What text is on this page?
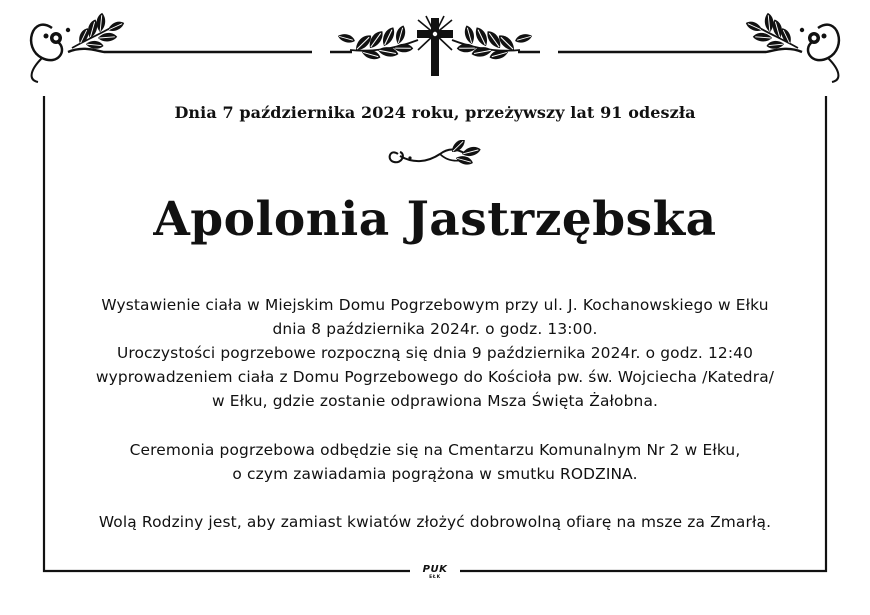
Dnia 7 października 2024 roku, przeżywszy lat 91 odeszła
Apolonia Jastrzębska
Wystawienie ciała w Miejskim Domu Pogrzebowym przy ul. J. Kochanowskiego w Ełku
dnia 8 października 2024r. o godz. 13:00.
Uroczystości pogrzebowe rozpoczną się dnia 9 października 2024r. o godz. 12:40
wyprowadzeniem ciała z Domu Pogrzebowego do Kościoła pw. św. Wojciecha /Katedra/
w Ełku, gdzie zostanie odprawiona Msza Święta Żałobna.
Ceremonia pogrzebowa odbędzie się na Cmentarzu Komunalnym Nr 2 w Ełku,
o czym zawiadamia pogrążona w smutku RODZINA.
Wolą Rodziny jest, aby zamiast kwiatów złożyć dobrowolną ofiarę na msze za Zmarłą.
PUK
EŁK
